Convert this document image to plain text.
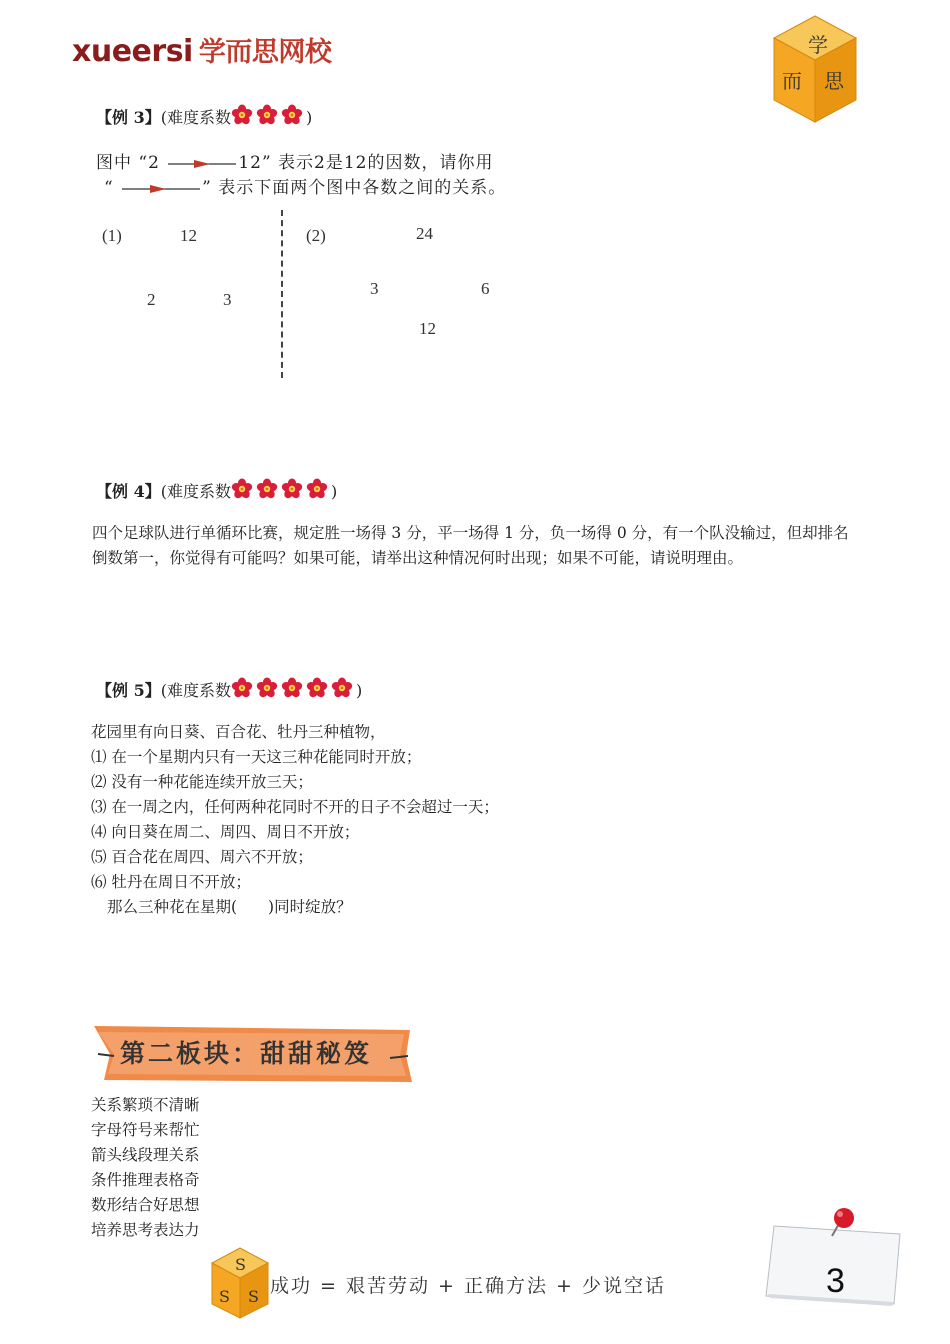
xueersi 学而思网校	学
而 思
【例 3】(难度系数	)
图中 “2	12” 表示2是12的因数，请你用
“	” 表示下面两个图中各数之间的关系。
(1)	12
2	3
(2)	24
3	6
12
【例 4】(难度系数	)
四个足球队进行单循环比赛，规定胜一场得 3 分，平一场得 1 分，负一场得 0 分，有一个队没输过，但却排名
倒数第一，你觉得有可能吗？如果可能，请举出这种情况何时出现；如果不可能，请说明理由。
【例 5】(难度系数	)
花园里有向日葵、百合花、牡丹三种植物，
⑴ 在一个星期内只有一天这三种花能同时开放；
⑵ 没有一种花能连续开放三天；
⑶ 在一周之内，任何两种花同时不开的日子不会超过一天；
⑷ 向日葵在周二、周四、周日不开放；
⑸ 百合花在周四、周六不开放；
⑹ 牡丹在周日不开放；
那么三种花在星期(　　)同时绽放？
第二板块：甜甜秘笈
关系繁琐不清晰
字母符号来帮忙
箭头线段理关系
条件推理表格奇
数形结合好思想
培养思考表达力
S
S S 成功 = 艰苦劳动 + 正确方法 + 少说空话	3
